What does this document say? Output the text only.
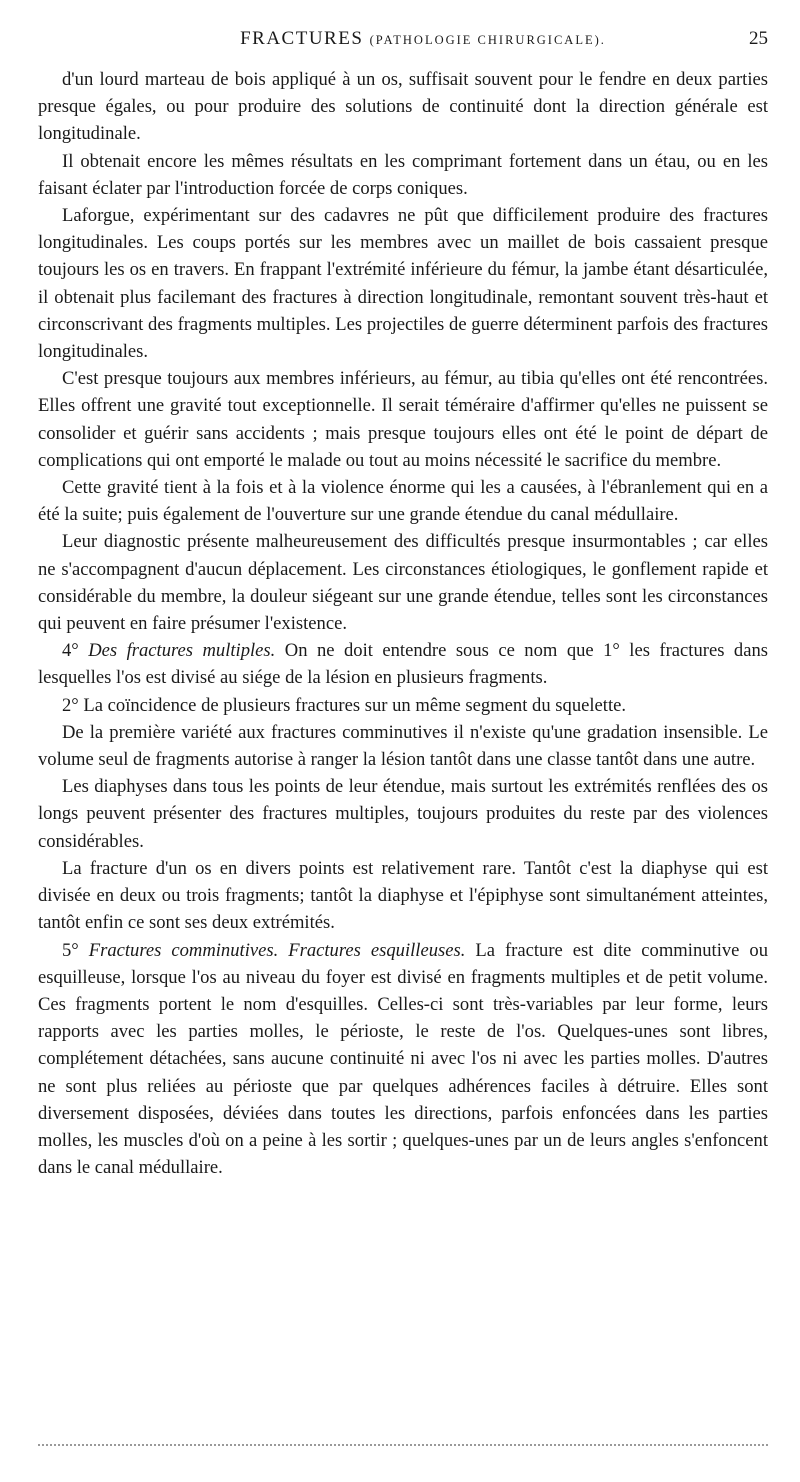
FRACTURES (PATHOLOGIE CHIRURGICALE).	25

d'un lourd marteau de bois appliqué à un os, suffisait souvent pour le fendre en deux parties presque égales, ou pour produire des solutions de continuité dont la direction générale est longitudinale.

Il obtenait encore les mêmes résultats en les comprimant fortement dans un étau, ou en les faisant éclater par l'introduction forcée de corps coniques.

Laforgue, expérimentant sur des cadavres ne pût que difficilement produire des fractures longitudinales. Les coups portés sur les membres avec un maillet de bois cassaient presque toujours les os en travers. En frappant l'extrémité inférieure du fémur, la jambe étant désarticulée, il obtenait plus facilemant des fractures à direction longitudinale, remontant souvent très-haut et circonscrivant des fragments multiples. Les projectiles de guerre déterminent parfois des fractures longitudinales.

C'est presque toujours aux membres inférieurs, au fémur, au tibia qu'elles ont été rencontrées. Elles offrent une gravité tout exceptionnelle. Il serait téméraire d'affirmer qu'elles ne puissent se consolider et guérir sans accidents ; mais presque toujours elles ont été le point de départ de complications qui ont emporté le malade ou tout au moins nécessité le sacrifice du membre.

Cette gravité tient à la fois et à la violence énorme qui les a causées, à l'ébranlement qui en a été la suite; puis également de l'ouverture sur une grande étendue du canal médullaire.

Leur diagnostic présente malheureusement des difficultés presque insurmontables ; car elles ne s'accompagnent d'aucun déplacement. Les circonstances étiologiques, le gonflement rapide et considérable du membre, la douleur siégeant sur une grande étendue, telles sont les circonstances qui peuvent en faire présumer l'existence.

4° Des fractures multiples. On ne doit entendre sous ce nom que 1° les fractures dans lesquelles l'os est divisé au siége de la lésion en plusieurs fragments.

2° La coïncidence de plusieurs fractures sur un même segment du squelette.

De la première variété aux fractures comminutives il n'existe qu'une gradation insensible. Le volume seul de fragments autorise à ranger la lésion tantôt dans une classe tantôt dans une autre.

Les diaphyses dans tous les points de leur étendue, mais surtout les extrémités renflées des os longs peuvent présenter des fractures multiples, toujours produites du reste par des violences considérables.

La fracture d'un os en divers points est relativement rare. Tantôt c'est la diaphyse qui est divisée en deux ou trois fragments; tantôt la diaphyse et l'épiphyse sont simultanément atteintes, tantôt enfin ce sont ses deux extrémités.

5° Fractures comminutives. Fractures esquilleuses. La fracture est dite comminutive ou esquilleuse, lorsque l'os au niveau du foyer est divisé en fragments multiples et de petit volume. Ces fragments portent le nom d'esquilles. Celles-ci sont très-variables par leur forme, leurs rapports avec les parties molles, le périoste, le reste de l'os. Quelques-unes sont libres, complétement détachées, sans aucune continuité ni avec l'os ni avec les parties molles. D'autres ne sont plus reliées au périoste que par quelques adhérences faciles à détruire. Elles sont diversement disposées, déviées dans toutes les directions, parfois enfoncées dans les parties molles, les muscles d'où on a peine à les sortir ; quelques-unes par un de leurs angles s'enfoncent dans le canal médullaire.
